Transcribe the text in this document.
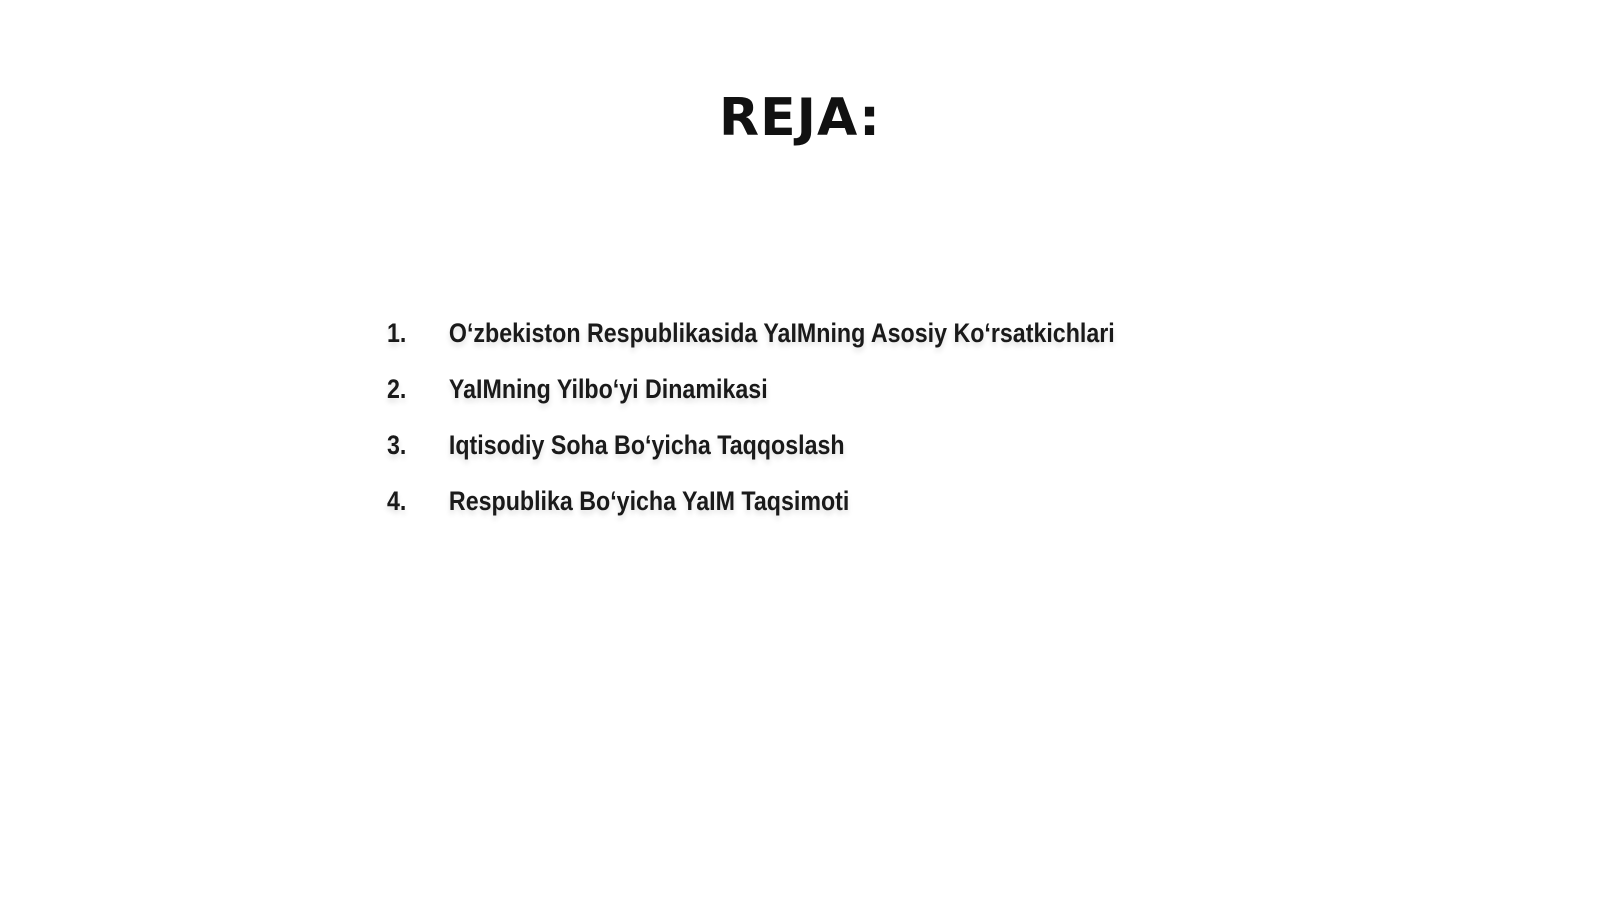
REJA:
1.	O‘zbekiston Respublikasida YaIMning Asosiy Ko‘rsatkichlari
2.	YaIMning Yilbo‘yi Dinamikasi
3.	Iqtisodiy Soha Bo‘yicha Taqqoslash
4.	Respublika Bo‘yicha YaIM Taqsimoti
